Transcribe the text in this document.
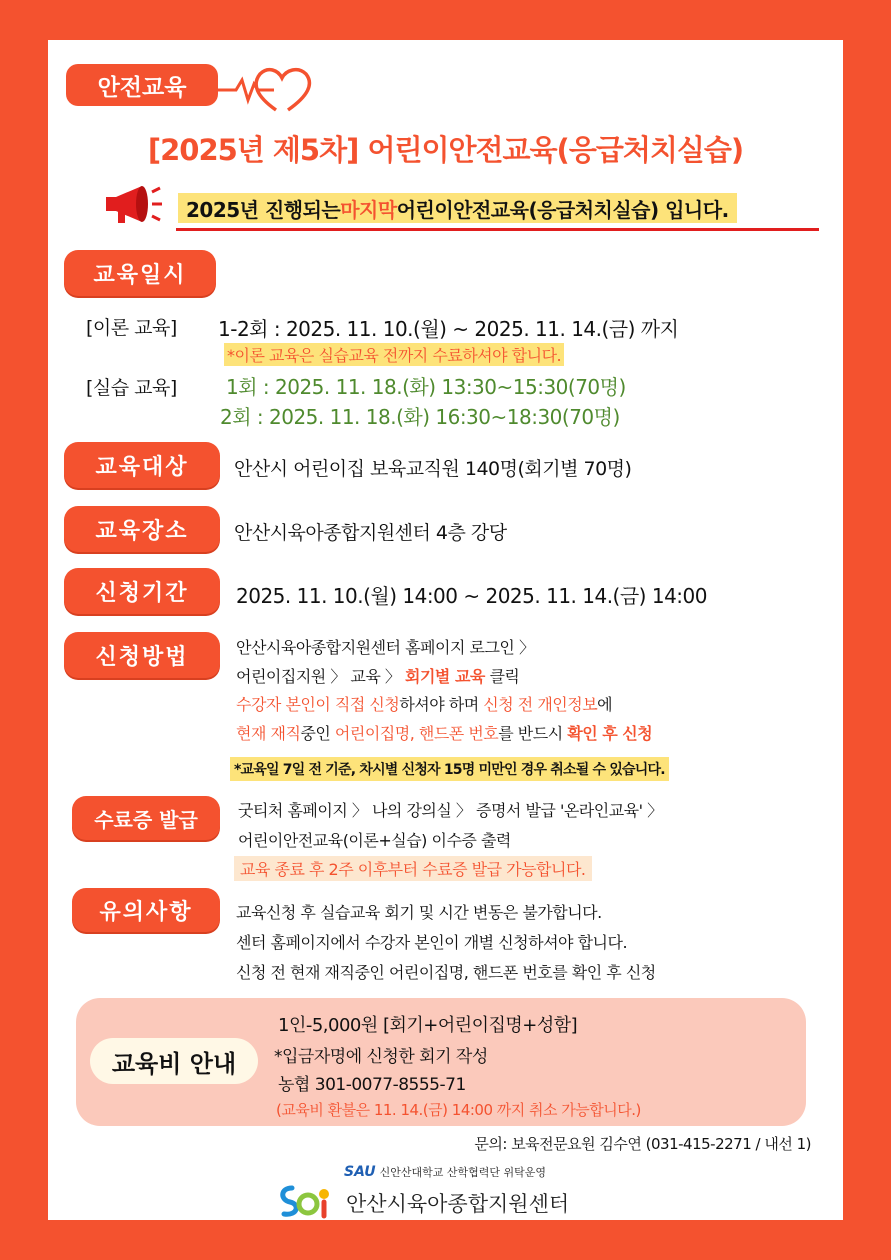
안전교육
[2025년 제5차] 어린이안전교육(응급처치실습)
2025년 진행되는 마지막 어린이안전교육(응급처치실습) 입니다.
교육일시
[이론 교육] 1-2회 : 2025. 11. 10.(월) ~ 2025. 11. 14.(금) 까지
*이론 교육은 실습교육 전까지 수료하셔야 합니다.
[실습 교육] 1회 : 2025. 11. 18.(화) 13:30~15:30(70명)
2회 : 2025. 11. 18.(화) 16:30~18:30(70명)
교육대상	안산시 어린이집 보육교직원 140명(회기별 70명)
교육장소	안산시육아종합지원센터 4층 강당
신청기간	2025. 11. 10.(월) 14:00 ~ 2025. 11. 14.(금) 14:00
신청방법	안산시육아종합지원센터 홈페이지 로그인 〉
어린이집지원 〉 교육 〉 회기별 교육 클릭
수강자 본인이 직접 신청하셔야 하며 신청 전 개인정보에
현재 재직중인 어린이집명, 핸드폰 번호를 반드시 확인 후 신청
*교육일 7일 전 기준, 차시별 신청자 15명 미만인 경우 취소될 수 있습니다.
수료증 발급	굿티처 홈페이지 〉 나의 강의실 〉 증명서 발급 '온라인교육' 〉
어린이안전교육(이론+실습) 이수증 출력
교육 종료 후 2주 이후부터 수료증 발급 가능합니다.
유의사항	교육신청 후 실습교육 회기 및 시간 변동은 불가합니다.
센터 홈페이지에서 수강자 본인이 개별 신청하셔야 합니다.
신청 전 현재 재직중인 어린이집명, 핸드폰 번호를 확인 후 신청
교육비 안내
1인-5,000원 [회기+어린이집명+성함]
*입금자명에 신청한 회기 작성
농협 301-0077-8555-71
(교육비 환불은 11. 14.(금) 14:00 까지 취소 가능합니다.)
문의: 보육전문요원 김수연 (031-415-2271 / 내선 1)
SAU 신안산대학교 산학협력단 위탁운영
안산시육아종합지원센터
